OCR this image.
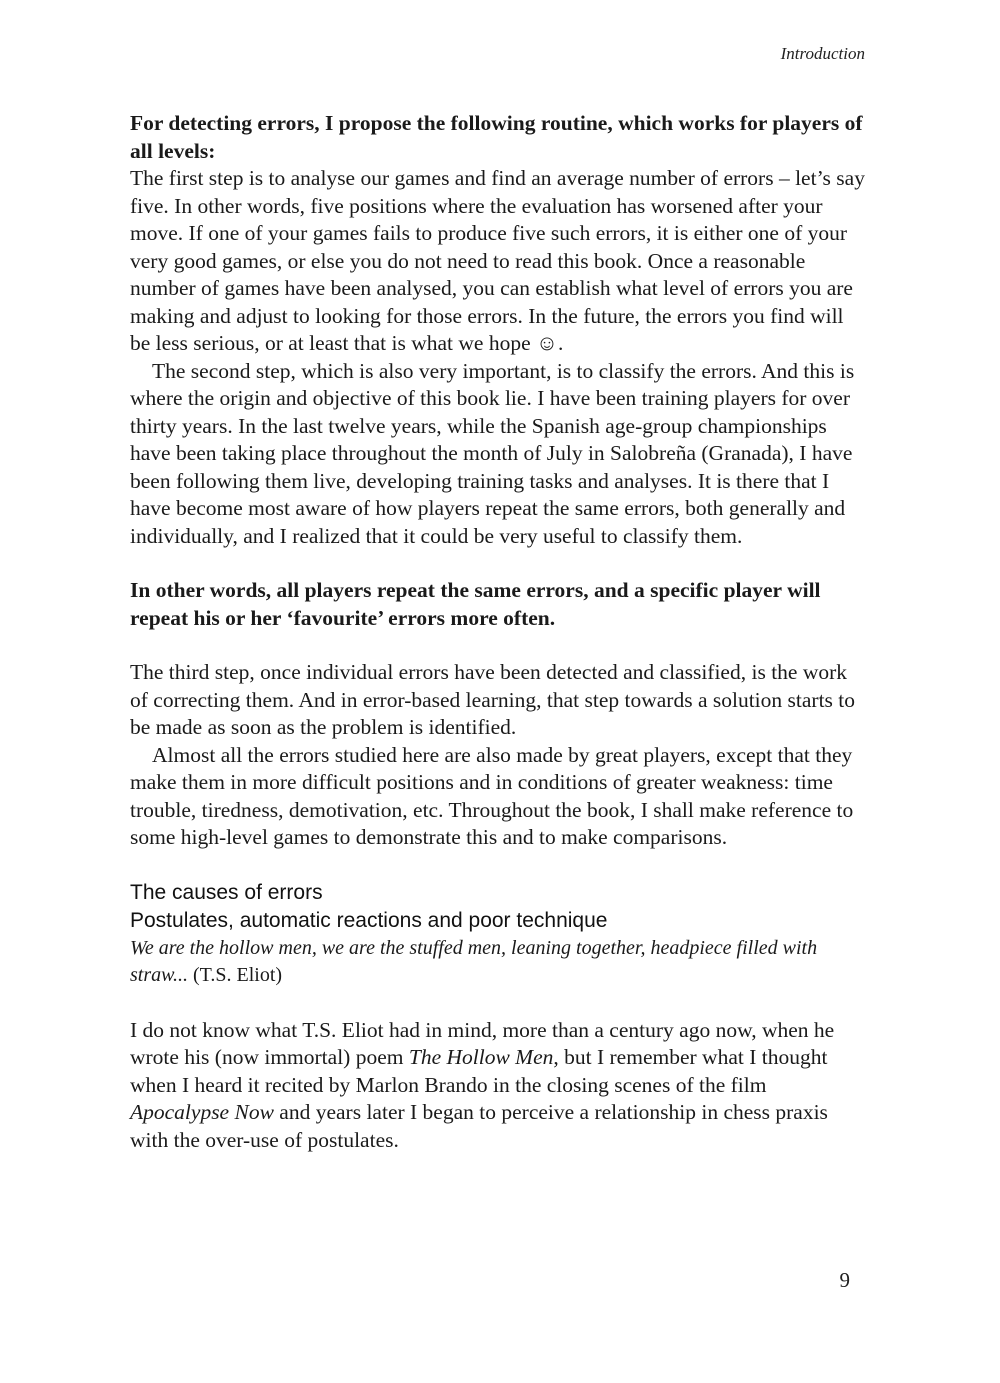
Introduction

For detecting errors, I propose the following routine, which works for players of all levels:

The first step is to analyse our games and find an average number of errors – let’s say five. In other words, five positions where the evaluation has worsened after your move. If one of your games fails to produce five such errors, it is either one of your very good games, or else you do not need to read this book. Once a reasonable number of games have been analysed, you can establish what level of errors you are making and adjust to looking for those errors. In the future, the errors you find will be less serious, or at least that is what we hope ☺.

The second step, which is also very important, is to classify the errors. And this is where the origin and objective of this book lie. I have been training players for over thirty years. In the last twelve years, while the Spanish age-group championships have been taking place throughout the month of July in Salobreña (Granada), I have been following them live, developing training tasks and analyses. It is there that I have become most aware of how players repeat the same errors, both generally and individually, and I realized that it could be very useful to classify them.

In other words, all players repeat the same errors, and a specific player will repeat his or her ‘favourite’ errors more often.

The third step, once individual errors have been detected and classified, is the work of correcting them. And in error-based learning, that step towards a solution starts to be made as soon as the problem is identified.

Almost all the errors studied here are also made by great players, except that they make them in more difficult positions and in conditions of greater weakness: time trouble, tiredness, demotivation, etc. Throughout the book, I shall make reference to some high-level games to demonstrate this and to make comparisons.

The causes of errors
Postulates, automatic reactions and poor technique

We are the hollow men, we are the stuffed men, leaning together, headpiece filled with straw... (T.S. Eliot)

I do not know what T.S. Eliot had in mind, more than a century ago now, when he wrote his (now immortal) poem The Hollow Men, but I remember what I thought when I heard it recited by Marlon Brando in the closing scenes of the film Apocalypse Now and years later I began to perceive a relationship in chess praxis with the over-use of postulates.

9
